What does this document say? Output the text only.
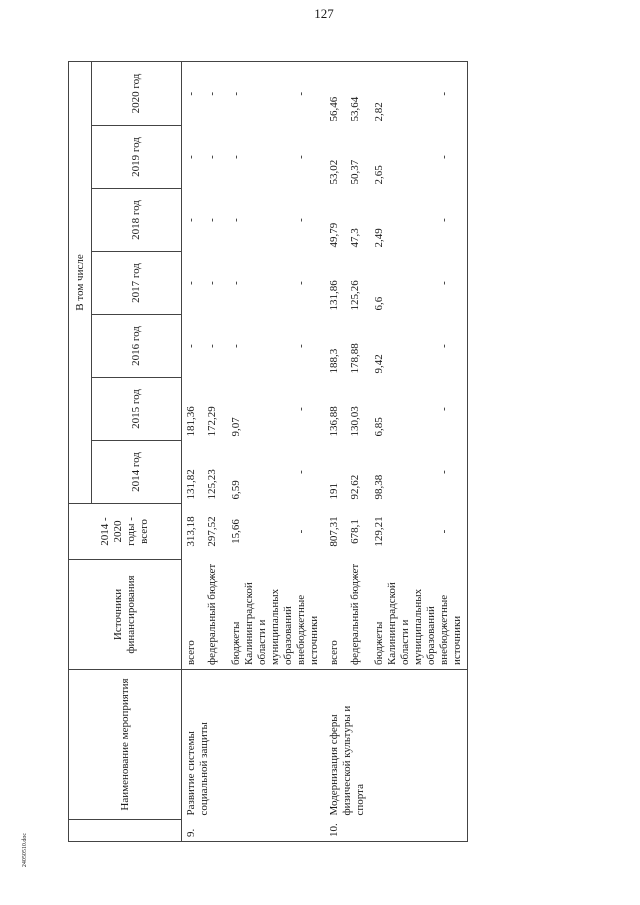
127
24050510.doc
	Наименование мероприятия	Источники финансирования	2014 - 2020 годы - всего	В том числе						
				2014 год	2015 год	2016 год	2017 год	2018 год	2019 год	2020 год
9.	Развитие системы социальной защиты	всего	313,18	131,82	181,36	-	-	-	-	-
		федеральный бюджет	297,52	125,23	172,29	-	-	-	-	-
		бюджеты Калининградской области и муниципальных образований	15,66	6,59	9,07	-	-	-	-	-
		внебюджетные источники	-	-	-	-	-	-	-	-
10.	Модернизация сферы физической культуры и спорта	всего	807,31	191	136,88	188,3	131,86	49,79	53,02	56,46
		федеральный бюджет	678,1	92,62	130,03	178,88	125,26	47,3	50,37	53,64
		бюджеты Калининградской области и муниципальных образований	129,21	98,38	6,85	9,42	6,6	2,49	2,65	2,82
		внебюджетные источники	-	-	-	-	-	-	-	-
